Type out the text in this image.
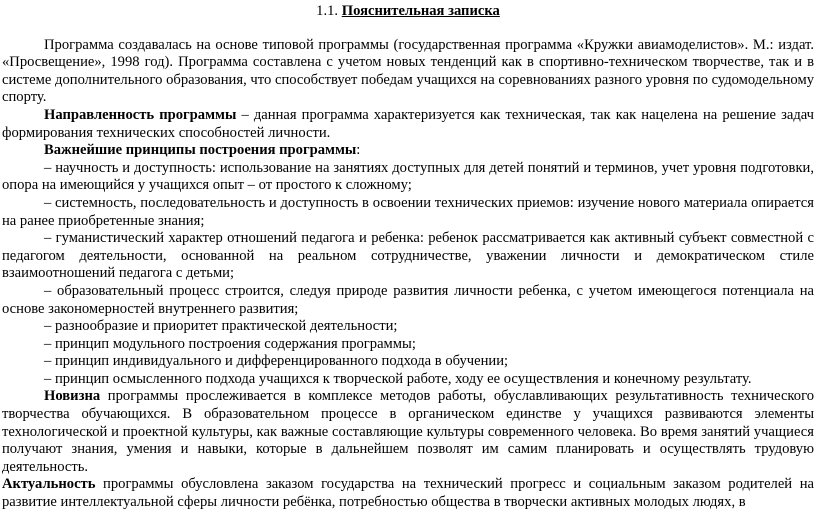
1.1. Пояснительная записка

Программа создавалась на основе типовой программы (государственная программа «Кружки авиамоделистов». М.: издат. «Просвещение», 1998 год). Программа составлена с учетом новых тенденций как в спортивно-техническом творчестве, так и в системе дополнительного образования, что способствует победам учащихся на соревнованиях разного уровня по судомодельному спорту.

Направленность программы – данная программа характеризуется как техническая, так как нацелена на решение задач формирования технических способностей личности.

Важнейшие принципы построения программы:

– научность и доступность: использование на занятиях доступных для детей понятий и терминов, учет уровня подготовки, опора на имеющийся у учащихся опыт – от простого к сложному;

– системность, последовательность и доступность в освоении технических приемов: изучение нового материала опирается на ранее приобретенные знания;

– гуманистический характер отношений педагога и ребенка: ребенок рассматривается как активный субъект совместной с педагогом деятельности, основанной на реальном сотрудничестве, уважении личности и демократическом стиле взаимоотношений педагога с детьми;

– образовательный процесс строится, следуя природе развития личности ребенка, с учетом имеющегося потенциала на основе закономерностей внутреннего развития;

– разнообразие и приоритет практической деятельности;

– принцип модульного построения содержания программы;

– принцип индивидуального и дифференцированного подхода в обучении;

– принцип осмысленного подхода учащихся к творческой работе, ходу ее осуществления и конечному результату.

Новизна программы прослеживается в комплексе методов работы, обуславливающих результативность технического творчества обучающихся. В образовательном процессе в органическом единстве у учащихся развиваются элементы технологической и проектной культуры, как важные составляющие культуры современного человека. Во время занятий учащиеся получают знания, умения и навыки, которые в дальнейшем позволят им самим планировать и осуществлять трудовую деятельность.

Актуальность программы обусловлена заказом государства на технический прогресс и социальным заказом родителей на развитие интеллектуальной сферы личности ребёнка, потребностью общества в творчески активных молодых людях, в
